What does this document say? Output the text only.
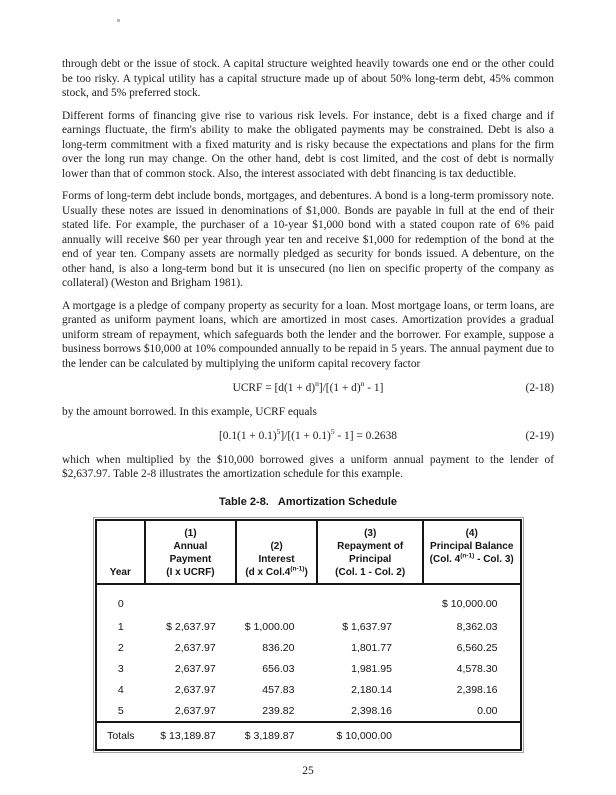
through debt or the issue of stock. A capital structure weighted heavily towards one end or the other could be too risky. A typical utility has a capital structure made up of about 50% long-term debt, 45% common stock, and 5% preferred stock.

Different forms of financing give rise to various risk levels. For instance, debt is a fixed charge and if earnings fluctuate, the firm's ability to make the obligated payments may be constrained. Debt is also a long-term commitment with a fixed maturity and is risky because the expectations and plans for the firm over the long run may change. On the other hand, debt is cost limited, and the cost of debt is normally lower than that of common stock. Also, the interest associated with debt financing is tax deductible.

Forms of long-term debt include bonds, mortgages, and debentures. A bond is a long-term promissory note. Usually these notes are issued in denominations of $1,000. Bonds are payable in full at the end of their stated life. For example, the purchaser of a 10-year $1,000 bond with a stated coupon rate of 6% paid annually will receive $60 per year through year ten and receive $1,000 for redemption of the bond at the end of year ten. Company assets are normally pledged as security for bonds issued. A debenture, on the other hand, is also a long-term bond but it is unsecured (no lien on specific property of the company as collateral) (Weston and Brigham 1981).

A mortgage is a pledge of company property as security for a loan. Most mortgage loans, or term loans, are granted as uniform payment loans, which are amortized in most cases. Amortization provides a gradual uniform stream of repayment, which safeguards both the lender and the borrower. For example, suppose a business borrows $10,000 at 10% compounded annually to be repaid in 5 years. The annual payment due to the lender can be calculated by multiplying the uniform capital recovery factor

UCRF = $[d(1 + d)^n]/[(1 + d)^n - 1]$	(2-18)

by the amount borrowed. In this example, UCRF equals

$[0.1(1 + 0.1)^5]/[(1 + 0.1)^5 - 1] = 0.2638$	(2-19)

which when multiplied by the $10,000 borrowed gives a uniform annual payment to the lender of $2,637.97. Table 2-8 illustrates the amortization schedule for this example.

Table 2-8. Amortization Schedule
Year

(1)
Annual
Payment
(I x UCRF)

(2)
Interest
(d x Col.4$^{(n-1)}$)

(3)
Repayment of
Principal
(Col. 1 - Col. 2)

(4)
Principal Balance
(Col. 4$^{(n-1)}$ - Col. 3)

0				$ 10,000.00
1	$ 2,637.97	$ 1,000.00	$ 1,637.97	8,362.03
2	2,637.97	836.20	1,801.77	6,560.25
3	2,637.97	656.03	1,981.95	4,578.30
4	2,637.97	457.83	2,180.14	2,398.16
5	2,637.97	239.82	2,398.16	0.00
Totals	$ 13,189.87	$ 3,189.87	$ 10,000.00	
25
